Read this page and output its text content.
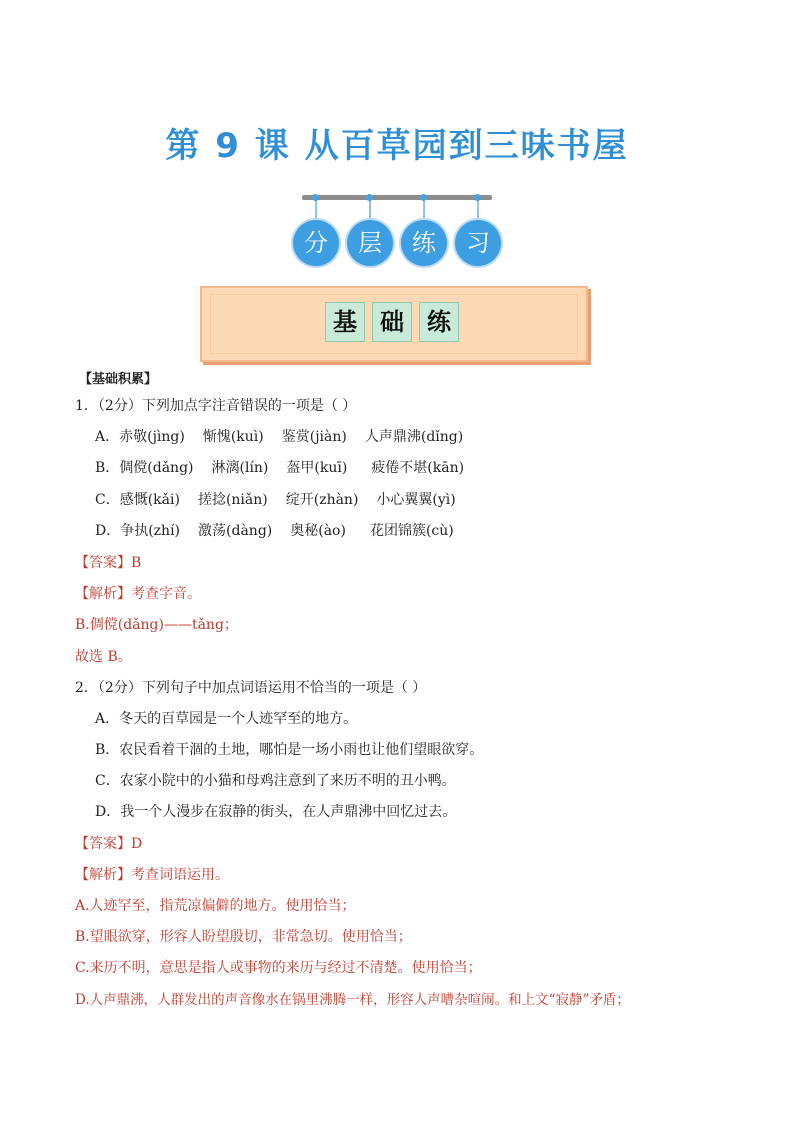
第 9 课 从百草园到三味书屋
分	层	练	习
基 础 练

【基础积累】

1．（2分）下列加点字注音错误的一项是（ ）

A．赤敬(jìng) 惭愧(kuì) 鉴赏(jiàn) 人声鼎沸(dǐng)

B．倜傥(dǎng) 淋漓(lín) 盔甲(kuī) 疲倦不堪(kān)

C．感慨(kǎi) 搓捻(niǎn) 绽开(zhàn) 小心翼翼(yì)

D．争执(zhí) 激荡(dàng) 奥秘(ào) 花团锦簇(cù)

【答案】B

【解析】考查字音。

B.倜傥(dǎng)——tǎng；

故选 B。

2．（2分）下列句子中加点词语运用不恰当的一项是（ ）

A．冬天的百草园是一个人迹罕至的地方。

B．农民看着干涸的土地，哪怕是一场小雨也让他们望眼欲穿。

C．农家小院中的小猫和母鸡注意到了来历不明的丑小鸭。

D．我一个人漫步在寂静的街头，在人声鼎沸中回忆过去。

【答案】D

【解析】考查词语运用。

A.人迹罕至，指荒凉偏僻的地方。使用恰当；

B.望眼欲穿，形容人盼望殷切，非常急切。使用恰当；

C.来历不明，意思是指人或事物的来历与经过不清楚。使用恰当；

D.人声鼎沸，人群发出的声音像水在锅里沸腾一样，形容人声嘈杂喧闹。和上文“寂静”矛盾；
